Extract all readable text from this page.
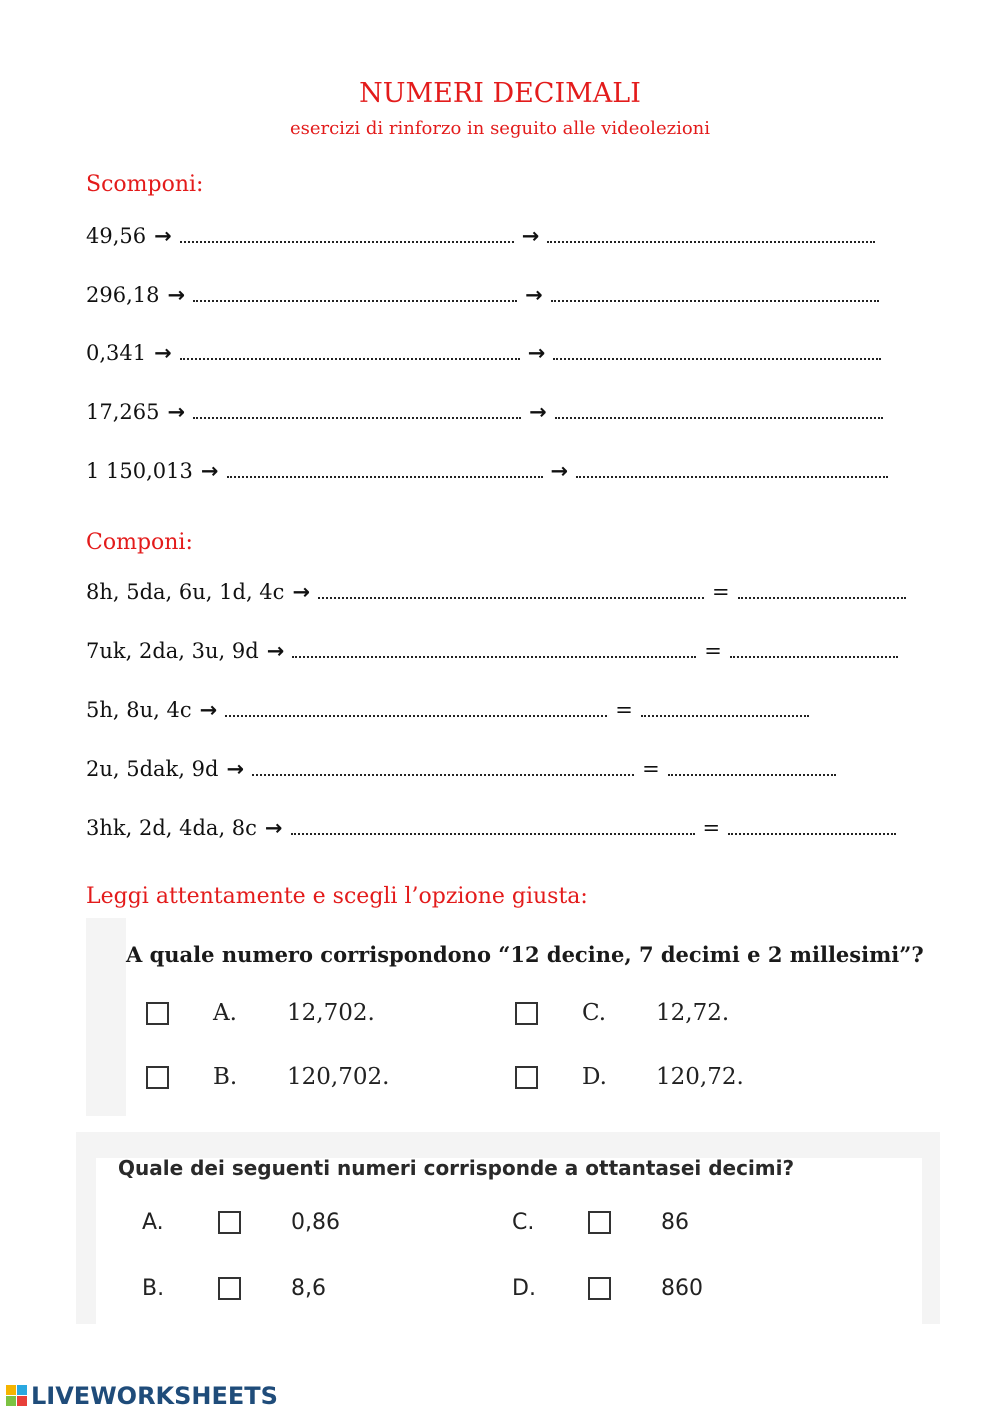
NUMERI DECIMALI
esercizi di rinforzo in seguito alle videolezioni
Scomponi:
49,56 →	→
296,18 →	→
0,341 →	→
17,265 →	→
1 150,013 →	→
Componi:
8h, 5da, 6u, 1d, 4c →	=
7uk, 2da, 3u, 9d →	=
5h, 8u, 4c →	=
2u, 5dak, 9d →	=
3hk, 2d, 4da, 8c →	=
Leggi attentamente e scegli l’opzione giusta:
A quale numero corrispondono “12 decine, 7 decimi e 2 millesimi”?
A.	12,702.
B.	120,702.
C.	12,72.
D.	120,72.
Quale dei seguenti numeri corrisponde a ottantasei decimi?
A.	0,86
B.	8,6
C.	86
D.	860
LIVEWORKSHEETS
